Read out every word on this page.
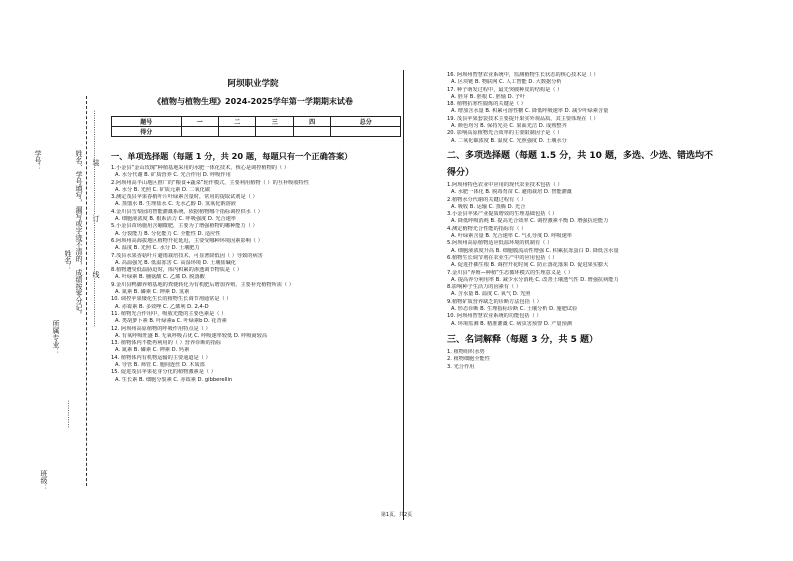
学号：	…………………装…………………订…………………线…………………
姓名、学号填写，漏写或字迹不清的，成绩按零分记。
姓名：
所属专业：
班级：
…………
阿坝职业学院
《植物与植物生理》2024-2025学年第一学期期末试卷
题号	一	二	三	四	总分
得分					
一、单项选择题（每题 1 分，共 20 题，每题只有一个正确答案）
1.小金县“金山玫瑰”种植基地采用的水肥一体化技术，核心是调控植物的（ ）
A. 水分代谢 B. 矿质营养 C. 光合作用 D. 呼吸作用
2.阿坝州高半山地区推广的“粮食+蔬菜”轮作模式，主要利用植物（ ）的互补吸收特性
A. 水分 B. 光照 C. 矿质元素 D. 二氧化碳
3.测定茂县苹果春梢叶片叶绿素含量时，常用的提取试剂是（ ）
A. 蒸馏水 B. 生理盐水 C. 无水乙醇 D. 氢氧化钠溶液
4.金川县雪梨园的智能灌溉系统，依据植物哪个指标调控供水（ ）
A. 细胞液浓度 B. 根系活力 C. 呼吸强度 D. 光合速率
5.小金县苗场施用含硼微肥，主要为了增强植物的哪种能力（ ）
A. 分裂能力 B. 分化能力 C. 全能性 D. 适应性
6.阿坝州高海拔地区植物开花延迟，主要受哪种环境因素影响（ ）
A. 温度 B. 光照 C. 水分 D. 土壤肥力
7.茂县水果香菇叶片避雨栽培技术，可显著降低因（ ）导致的病害
A. 高温强光 B. 低温冻害 C. 高湿环境 D. 土壤盐碱化
8.植物遭受低温胁迫时，体内积累的渗透调节物质是（ ）
A. 叶绿素 B. 脯氨酸 C. 乙烯 D. 脱落酸
9.金川县鸭脚养殖基地的粪便转化为有机肥后增加养殖，主要补充植物所需（ ）
A. 氮素 B. 磷素 C. 钾素 D. 氢素
10. 调控苹果矮化生长的植物生长调节剂通常是（ ）
A. 赤霉素 B. 多效唑 C. 乙烯利 D. 2,4-D
11. 植物光合作用中，吸收光能的主要色素是（ ）
A. 类胡萝卜素 B. 叶绿素a C. 叶绿素b D. 花青素
12. 阿坝州高原植物的呼吸作用特点是（ ）
A. 有氧呼吸旺盛 B. 无氧呼吸占优 C. 呼吸速率较低 D. 呼吸商较高
13. 植物体内不能再利用的（ ）营养诊断的指标
A. 氮素 B. 磷素 C. 钾素 D. 钙素
14. 植物体内有机物运输的主要通道是（ ）
A. 导管 B. 筛管 C. 胞间连丝 D. 木质部
15. 促进茂县苹果花芽分化的植物激素是（ ）
A. 生长素 B. 细胞分裂素 C. 赤霉素 D. gibberellin
16. 阿坝州智慧农业系统中，监测植物生长状态的核心技术是（ ）
A. 区块链 B. 物联网 C. 人工智能 D. 大数据分析
17. 种子萌发过程中，最先突破种皮的结构是（ ）
A. 胚芽 B. 胚根 C. 胚轴 D. 子叶
18. 植物抗寒性锻炼的关键是（ ）
A. 增加含水量 B. 积累可溶性糖 C. 降低呼吸速率 D. 减少叶绿素含量
19. 茂县苹果套袋技术主要提升果实外观品质，其主要体现在（ ）
A. 颜色均匀 B. 保持光亮 C. 果面光洁 D. 成熟整齐
20. 影响高原植物光合效率的主要限制因子是（ ）
A. 二氧化碳浓度 B. 温度 C. 光照强度 D. 土壤水分
二、多项选择题（每题 1.5 分，共 10 题，多选、少选、错选均不
得分）
1.阿坝州特色农业中应用的现代农业技术包括（ ）
A. 水肥一体化 B. 脱毒育苗 C. 避雨栽培 D. 智能灌溉
2.植物水分代谢的关键过程有（ ）
A. 吸收 B. 运输 C. 蒸腾 D. 光合
3.小金县苹果产业提质增效的生理基础包括（ ）
A. 降低呼吸消耗 B. 提高光合效率 C. 调控激素平衡 D. 增强抗逆能力
4.测定植物光合性能的指标有（ ）
A. 叶绿素含量 B. 光合速率 C. 气孔导度 D. 呼吸速率
5.阿坝州高原植物适应低温环境的机制有（ ）
A. 细胞液浓度升高 B. 细胞膜流动性增强 C. 积累抗冻蛋白 D. 降低含水量
6.植物生长调节剂在农业生产中的应用包括（ ）
A. 促进扦插生根 B. 调控开花时间 C. 防止落花落果 D. 促进果实膨大
7.金川县“养殖—种植”生态循环模式的生理意义是（ ）
A. 提高养分利用率 B. 减少水分消耗 C. 改善土壤透气性 D. 增强抗病能力
8.影响种子生活力的因素有（ ）
A. 含水量 B. 温度 C. 氧气 D. 光照
9.植物矿质营养缺乏的诊断方法包括（ ）
A. 形态诊断 B. 生理指标诊断 C. 土壤分析 D. 施肥试验
10. 阿坝州智慧农业系统的功能包括（ ）
A. 环境监测 B. 精准灌溉 C. 病虫害预警 D. 产量预测
三、名词解释（每题 3 分，共 5 题）
1. 植物组织水势
2. 植物细胞全能性
3. 光合作用
第1页，共2页
